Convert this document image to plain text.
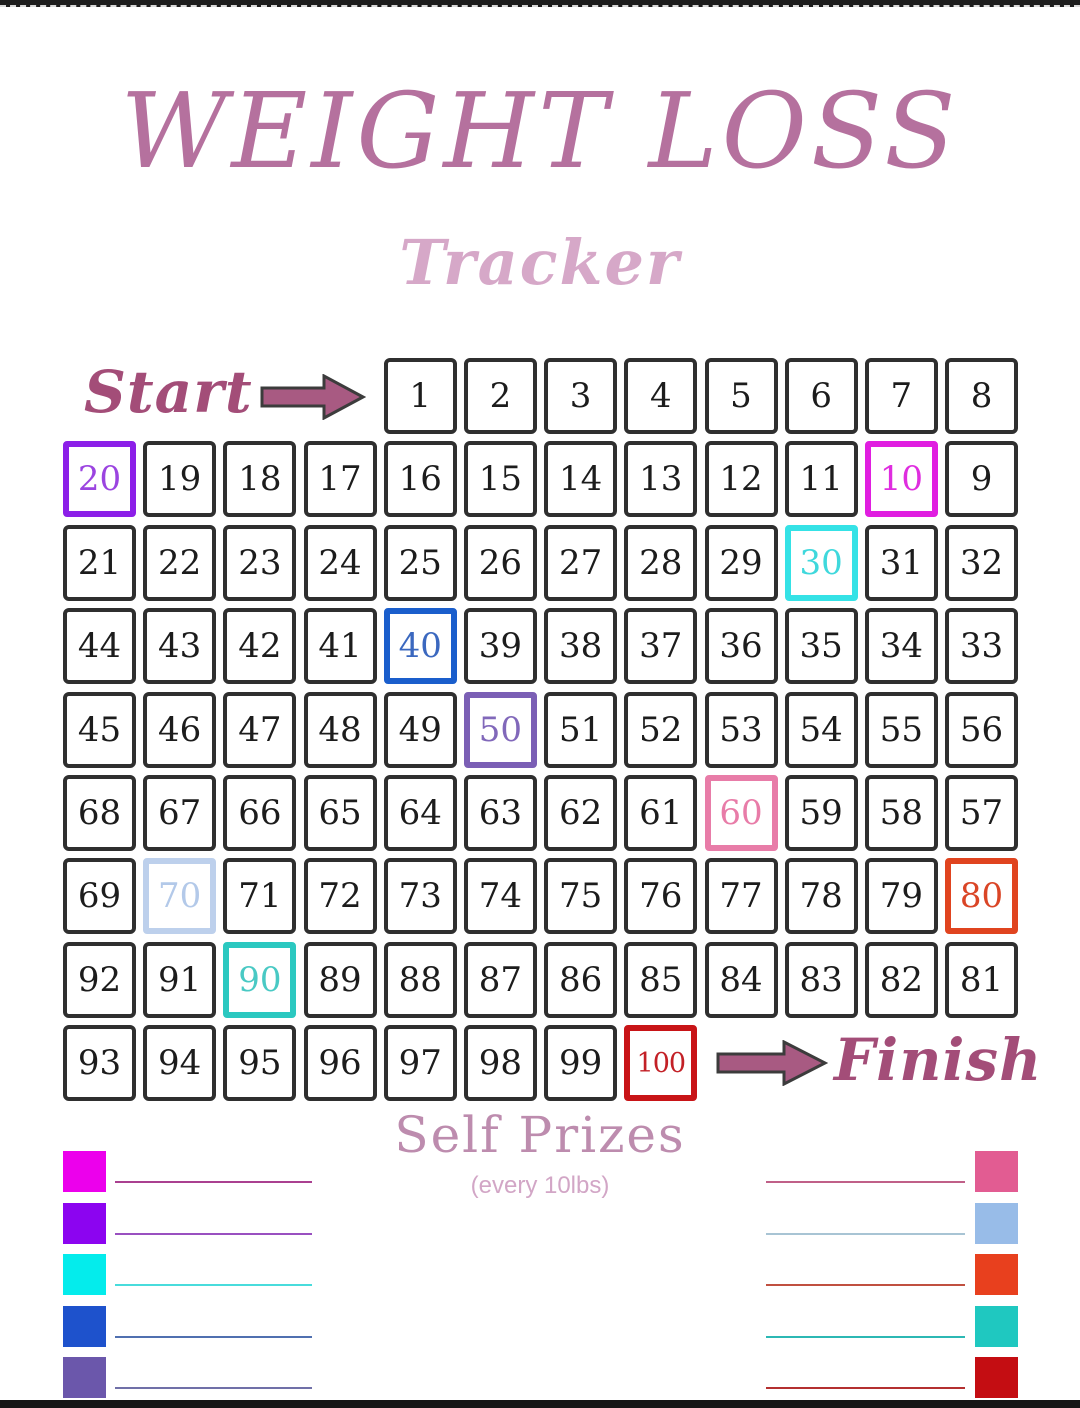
WEIGHT LOSS
Tracker

Start	1	2	3	4	5	6	7	8
20	19	18	17	16	15	14	13	12	11	10	9
21	22	23	24	25	26	27	28	29	30	31	32
44	43	42	41	40	39	38	37	36	35	34	33
45	46	47	48	49	50	51	52	53	54	55	56
68	67	66	65	64	63	62	61	60	59	58	57
69	70	71	72	73	74	75	76	77	78	79	80
92	91	90	89	88	87	86	85	84	83	82	81
93	94	95	96	97	98	99	100	Finish

Self Prizes

(every 10lbs)
